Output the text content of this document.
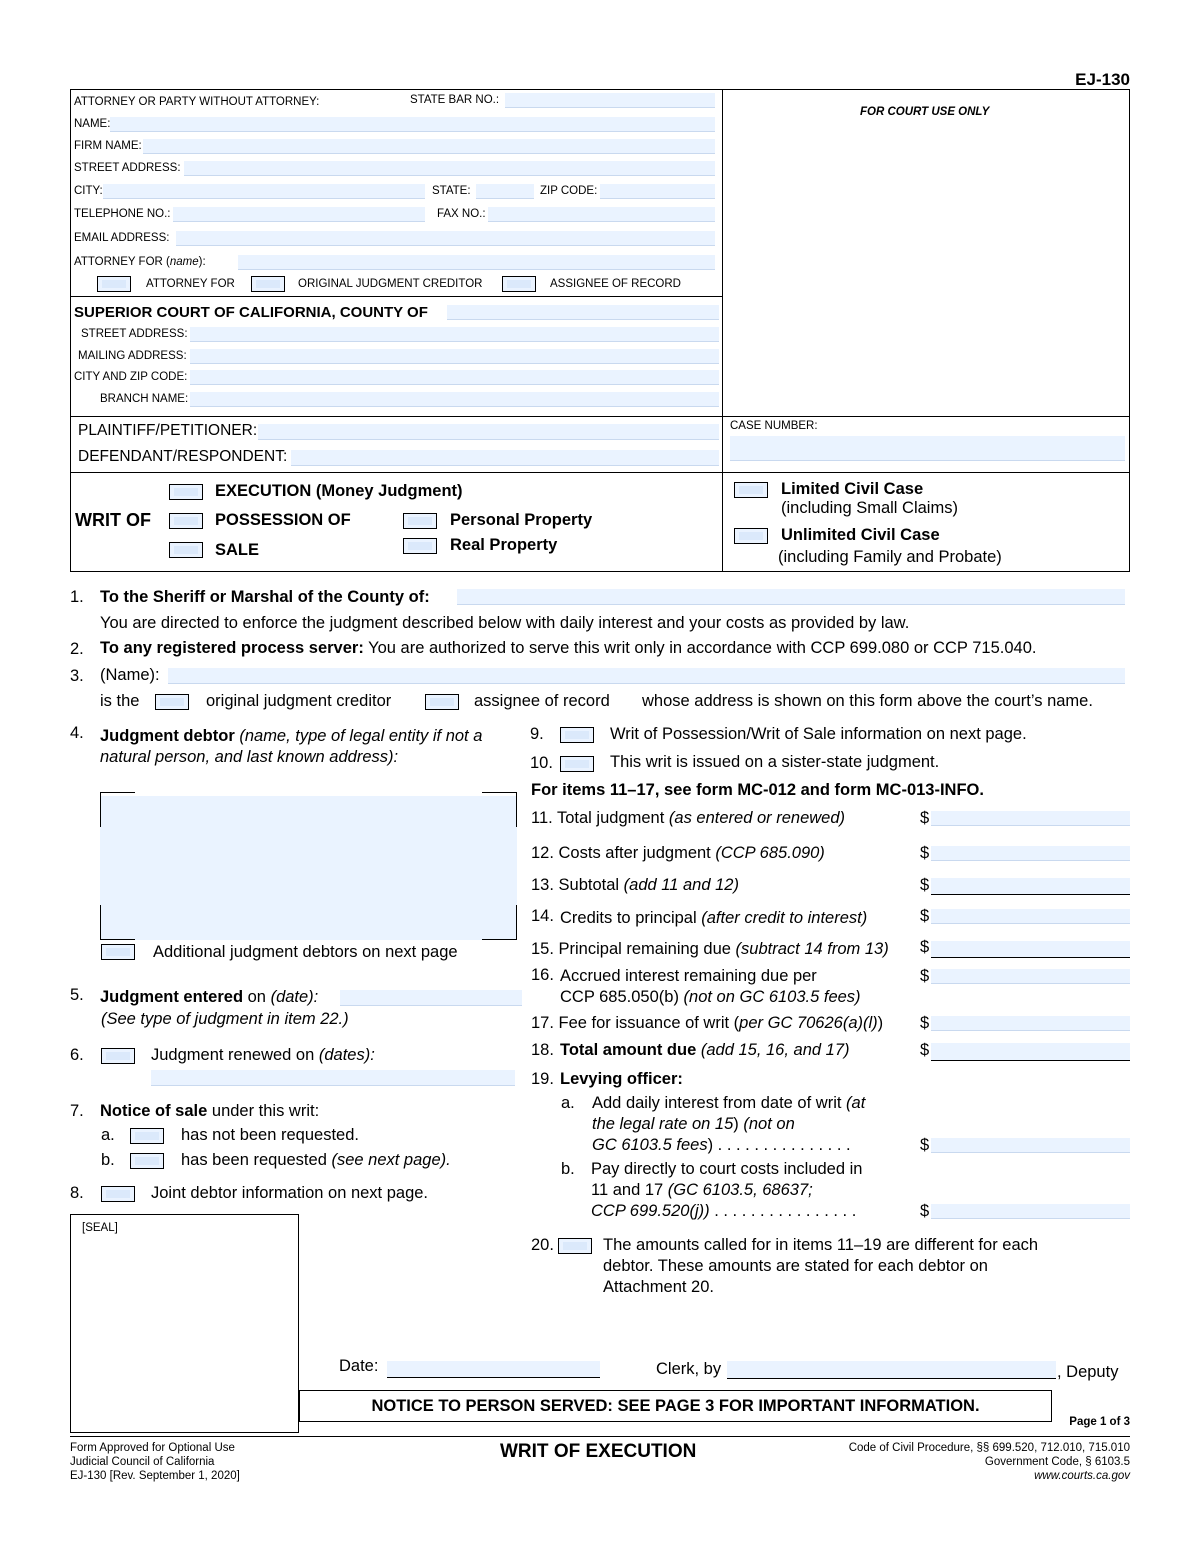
EJ-130
ATTORNEY OR PARTY WITHOUT ATTORNEY:	STATE BAR NO.:
NAME:
FIRM NAME:
STREET ADDRESS:
CITY:	STATE:	ZIP CODE:
TELEPHONE NO.:	FAX NO.:
EMAIL ADDRESS:
ATTORNEY FOR (name):
ATTORNEY FOR	ORIGINAL JUDGMENT CREDITOR	ASSIGNEE OF RECORD
FOR COURT USE ONLY
SUPERIOR COURT OF CALIFORNIA, COUNTY OF
STREET ADDRESS:
MAILING ADDRESS:
CITY AND ZIP CODE:
BRANCH NAME:
PLAINTIFF/PETITIONER:
DEFENDANT/RESPONDENT:
CASE NUMBER:
WRIT OF
EXECUTION (Money Judgment)
POSSESSION OF
SALE
Personal Property
Real Property
Limited Civil Case
(including Small Claims)
Unlimited Civil Case
(including Family and Probate)
1. To the Sheriff or Marshal of the County of:
You are directed to enforce the judgment described below with daily interest and your costs as provided by law.
2. To any registered process server: You are authorized to serve this writ only in accordance with CCP 699.080 or CCP 715.040.
3. (Name):
is the	original judgment creditor	assignee of record whose address is shown on this form above the court’s name.
4. Judgment debtor (name, type of legal entity if not a
natural person, and last known address):
Additional judgment debtors on next page
5. Judgment entered on (date):
(See type of judgment in item 22.)
6.	Judgment renewed on (dates):
7. Notice of sale under this writ:
a.	has not been requested.
b.	has been requested (see next page).
8.	Joint debtor information on next page.
[SEAL]
9.	Writ of Possession/Writ of Sale information on next page.
10.	This writ is issued on a sister-state judgment.
For items 11–17, see form MC-012 and form MC-013-INFO.
11. Total judgment (as entered or renewed)	$
12. Costs after judgment (CCP 685.090)	$
13. Subtotal (add 11 and 12)	$
14. Credits to principal (after credit to interest)	$
15. Principal remaining due (subtract 14 from 13) $
16. Accrued interest remaining due per
CCP 685.050(b) (not on GC 6103.5 fees)
$
17. Fee for issuance of writ (per GC 70626(a)(l)) $
18. Total amount due (add 15, 16, and 17)	$
19. Levying officer:
a. Add daily interest from date of writ (at
the legal rate on 15) (not on
GC 6103.5 fees) . . . . . . . . . . . . . . .	$
b. Pay directly to court costs included in
11 and 17 (GC 6103.5, 68637;
CCP 699.520(j)) . . . . . . . . . . . . . . . .	$
20.	The amounts called for in items 11–19 are different for each
debtor. These amounts are stated for each debtor on
Attachment 20.
Date:	Clerk, by	, Deputy
NOTICE TO PERSON SERVED: SEE PAGE 3 FOR IMPORTANT INFORMATION.
Page 1 of 3
Form Approved for Optional Use
Judicial Council of California
EJ-130 [Rev. September 1, 2020]
WRIT OF EXECUTION	Code of Civil Procedure, §§ 699.520, 712.010, 715.010
Government Code, § 6103.5
www.courts.ca.gov
